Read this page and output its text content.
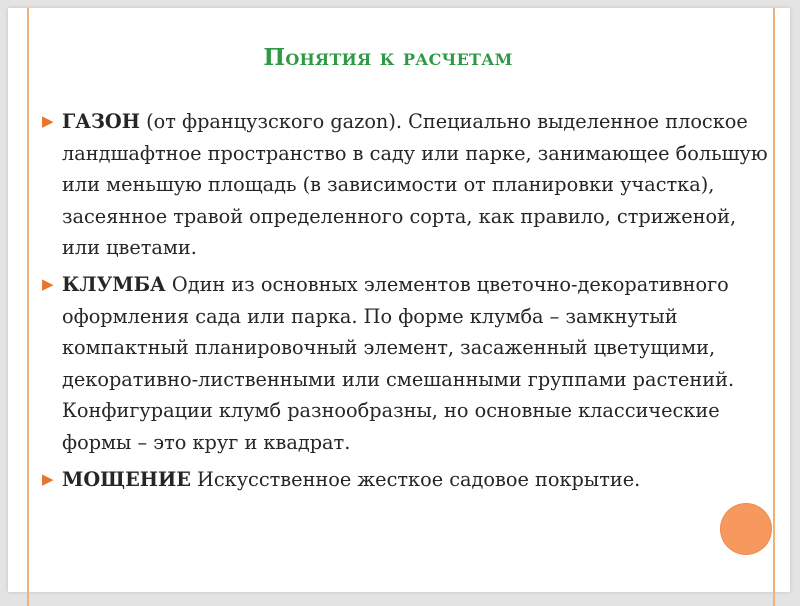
Понятия к расчетам
▶ ГАЗОН (от французского gazon). Специально выделенное плоское ландшафтное пространство в саду или парке, занимающее большую или меньшую площадь (в зависимости от планировки участка), засеянное травой определенного сорта, как правило, стриженой, или цветами.
▶ КЛУМБА Один из основных элементов цветочно-декоративного оформления сада или парка. По форме клумба – замкнутый компактный планировочный элемент, засаженный цветущими, декоративно-лиственными или смешанными группами растений. Конфигурации клумб разнообразны, но основные классические формы – это круг и квадрат.
▶ МОЩЕНИЕ Искусственное жесткое садовое покрытие.
